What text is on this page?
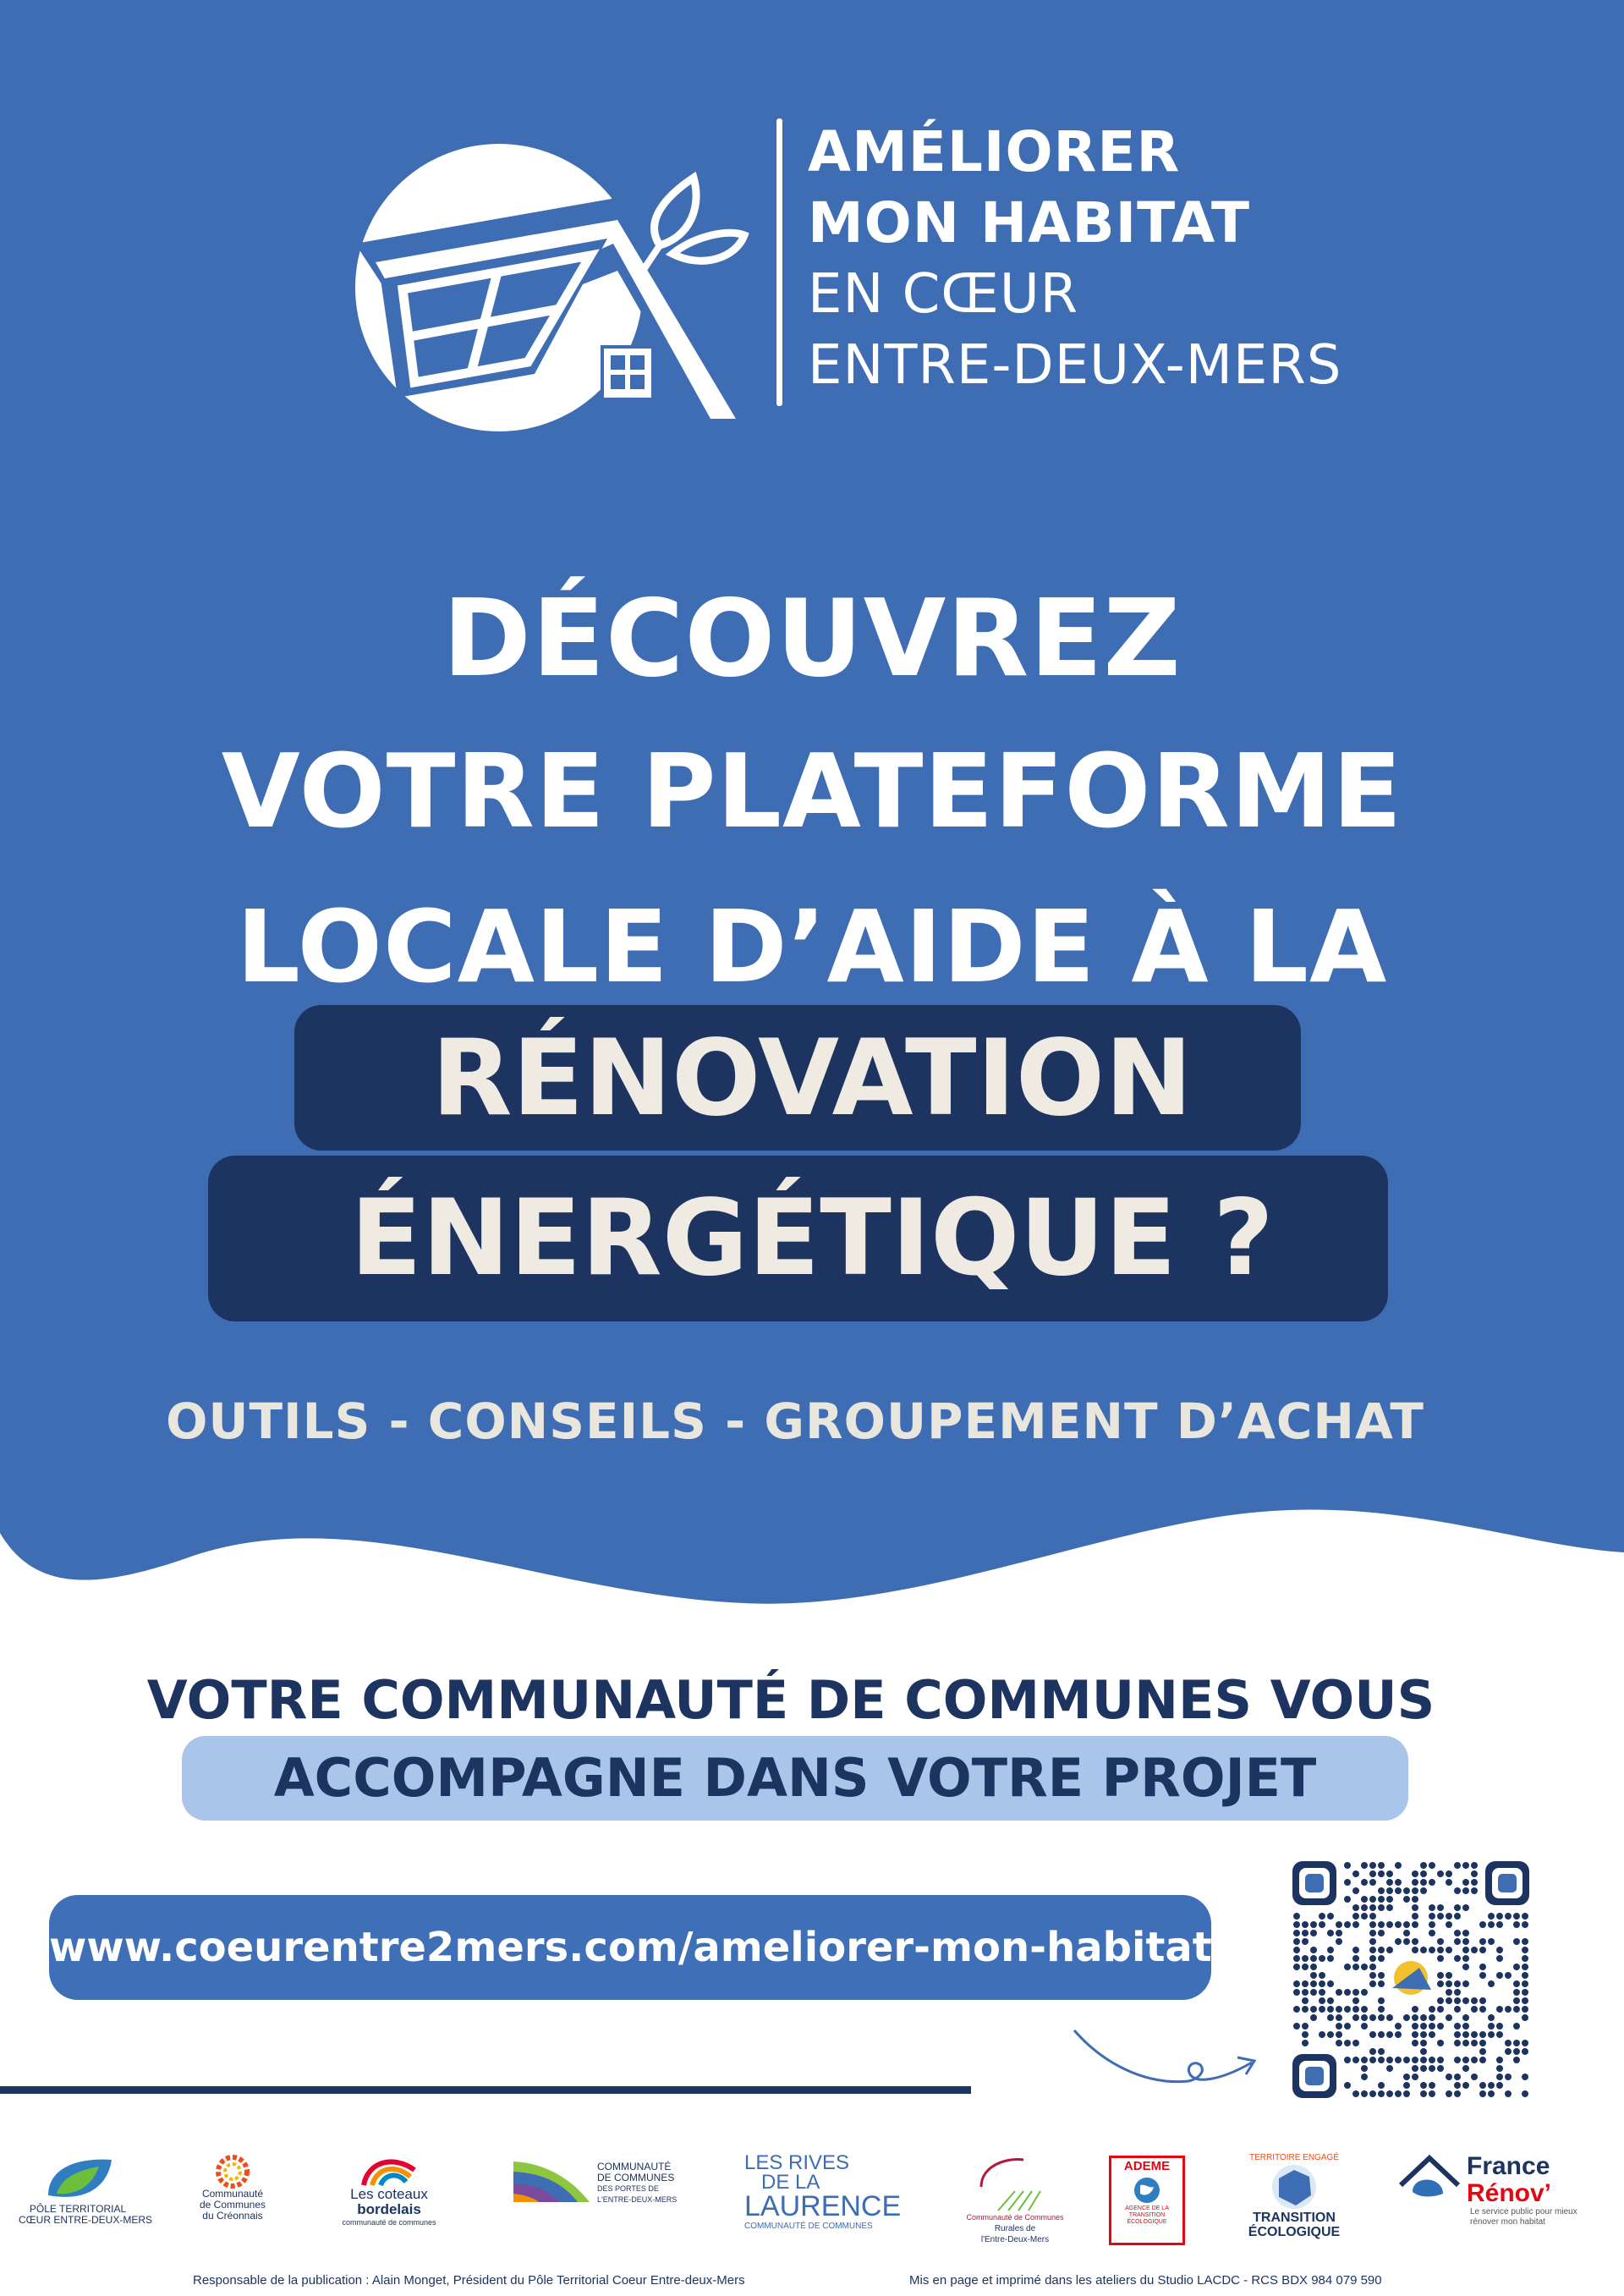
AMÉLIORER
MON HABITAT
EN CŒUR
ENTRE-DEUX-MERS
DÉCOUVREZ
VOTRE PLATEFORME
LOCALE D’AIDE À LA
RÉNOVATION
ÉNERGÉTIQUE ?
OUTILS - CONSEILS - GROUPEMENT D’ACHAT
VOTRE COMMUNAUTÉ DE COMMUNES VOUS
ACCOMPAGNE DANS VOTRE PROJET
www.coeurentre2mers.com/ameliorer-mon-habitat
PÔLE TERRITORIAL
CŒUR ENTRE-DEUX-MERS
Communauté
de Communes
du Créonnais
Les coteaux
bordelais
communauté de communes
COMMUNAUTÉ
DE COMMUNES
DES PORTES DE
L'ENTRE-DEUX-MERS
LES RIVES
DE LA
LAURENCE
COMMUNAUTÉ DE COMMUNES
Communauté de Communes
Rurales de
l'Entre-Deux-Mers
ADEME
AGENCE DE LA
TRANSITION
ÉCOLOGIQUE
TERRITOIRE ENGAGÉ
TRANSITION
ÉCOLOGIQUE
France
Rénov’
Le service public pour mieux
rénover mon habitat
Responsable de la publication : Alain Monget, Président du Pôle Territorial Coeur Entre-deux-Mers	Mis en page et imprimé dans les ateliers du Studio LACDC - RCS BDX 984 079 590
